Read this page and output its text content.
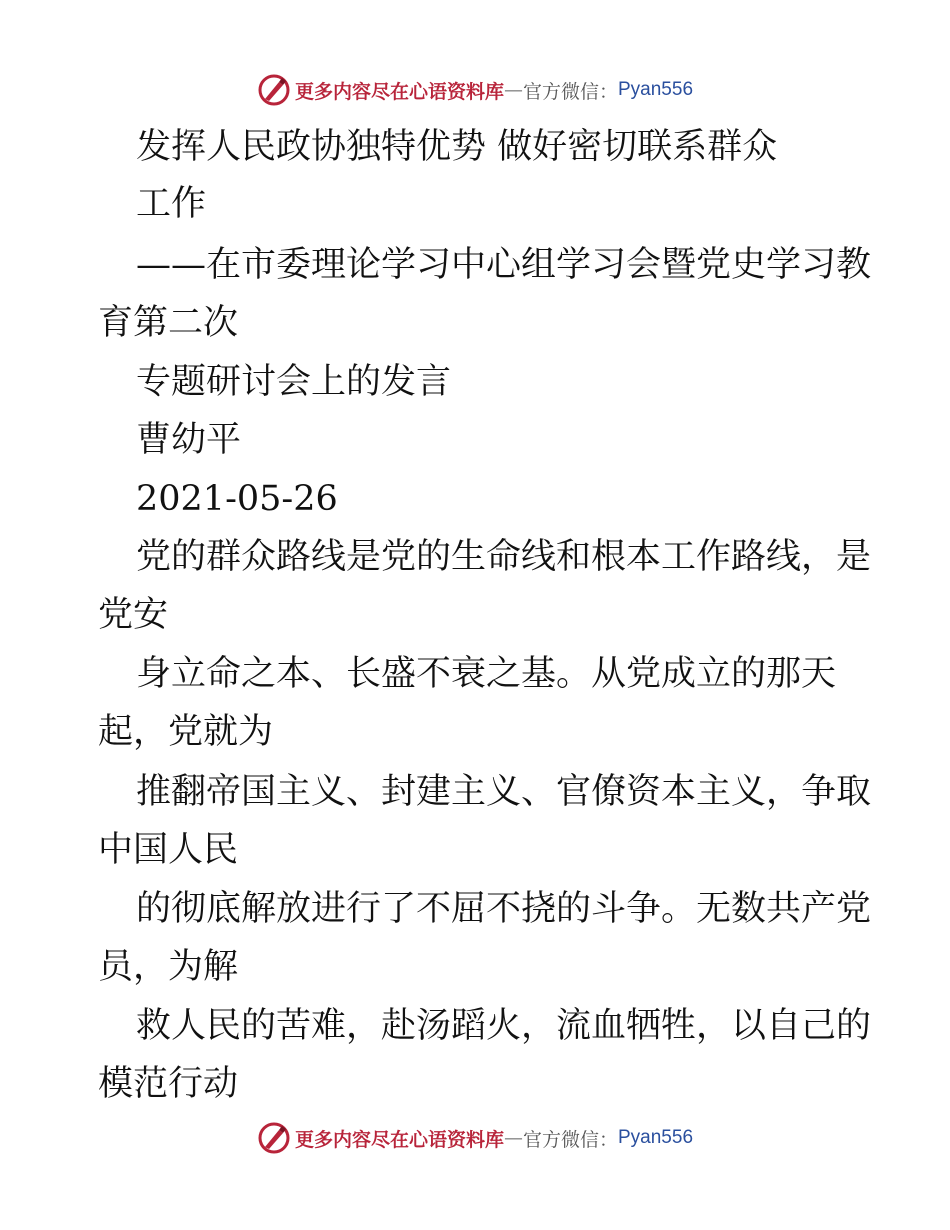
更多内容尽在心语资料库 — 官方微信： Pyan556

发挥人民政协独特优势 做好密切联系群众

工作

——在市委理论学习中心组学习会暨党史学习教

育第二次

专题研讨会上的发言

曹幼平

2021-05-26

党的群众路线是党的生命线和根本工作路线，是

党安

身立命之本、长盛不衰之基。从党成立的那天

起，党就为

推翻帝国主义、封建主义、官僚资本主义，争取

中国人民

的彻底解放进行了不屈不挠的斗争。无数共产党

员，为解

救人民的苦难，赴汤蹈火，流血牺牲，以自己的

模范行动

更多内容尽在心语资料库 — 官方微信： Pyan556
